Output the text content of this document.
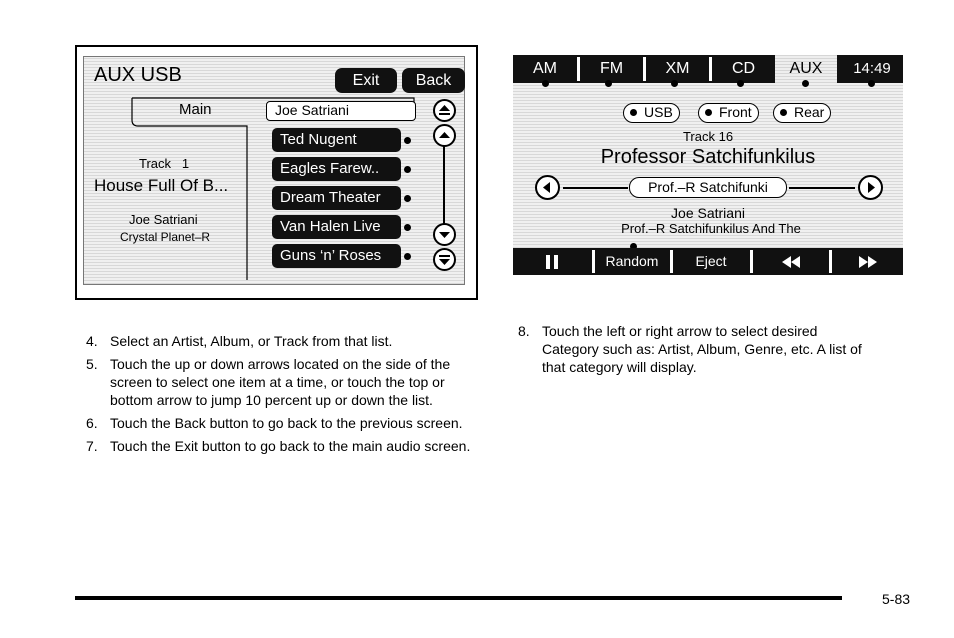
AUX USB	Exit	Back
Main	Joe Satriani
Track 1
House Full Of B...
Joe Satriani
Crystal Planet–R
Ted Nugent
Eagles Farew..
Dream Theater
Van Halen Live
Guns ‘n’ Roses
AM	FM	XM	CD	AUX	14:49
USB	Front	Rear
Track 16
Professor Satchifunkilus
Prof.–R Satchifunki
Joe Satriani
Prof.–R Satchifunkilus And The
Random	Eject
4. Select an Artist, Album, or Track from that list.
5. Touch the up or down arrows located on the side of the screen to select one item at a time, or touch the top or bottom arrow to jump 10 percent up or down the list.
6. Touch the Back button to go back to the previous screen.
7. Touch the Exit button to go back to the main audio screen.
8. Touch the left or right arrow to select desired Category such as: Artist, Album, Genre, etc. A list of that category will display.
5-83
